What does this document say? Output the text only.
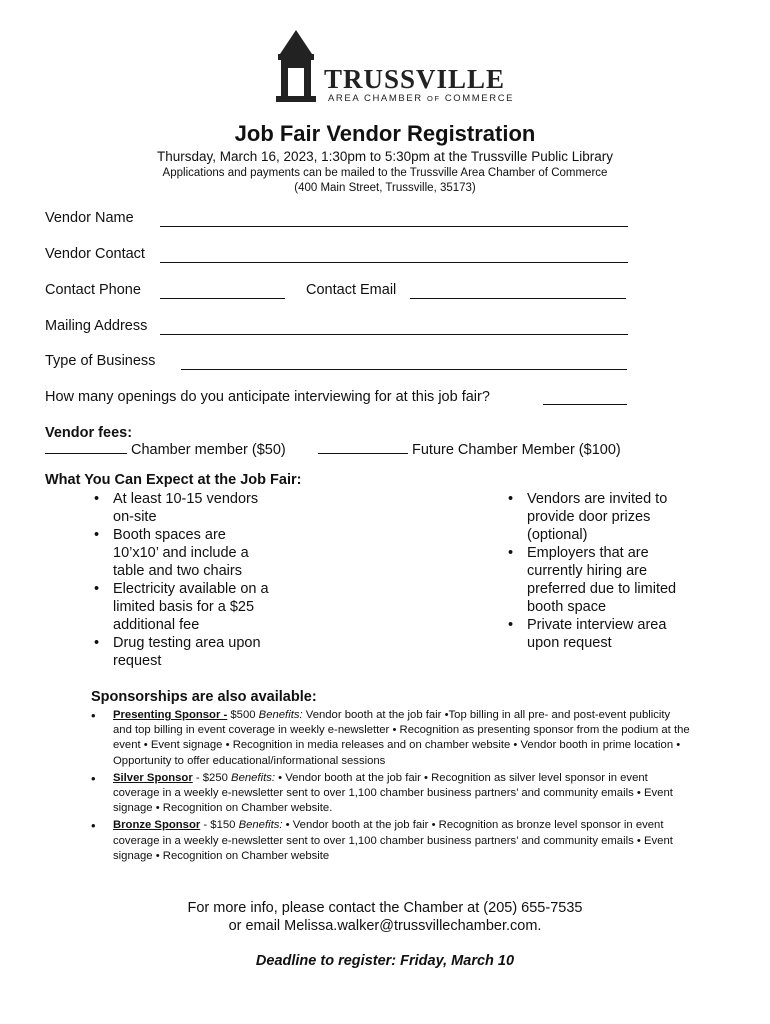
TRUSSVILLE
AREA CHAMBER OF COMMERCE
Job Fair Vendor Registration
Thursday, March 16, 2023, 1:30pm to 5:30pm at the Trussville Public Library
Applications and payments can be mailed to the Trussville Area Chamber of Commerce
(400 Main Street, Trussville, 35173)
Vendor Name
Vendor Contact
Contact Phone	Contact Email
Mailing Address
Type of Business
How many openings do you anticipate interviewing for at this job fair?
Vendor fees:
Chamber member ($50)	Future Chamber Member ($100)
What You Can Expect at the Job Fair:
• At least 10-15 vendors on-site
• Booth spaces are 10’x10’ and include a table and two chairs
• Electricity available on a limited basis for a $25 additional fee
• Drug testing area upon request
• Vendors are invited to provide door prizes (optional)
• Employers that are currently hiring are preferred due to limited booth space
• Private interview area upon request
Sponsorships are also available:
• Presenting Sponsor - $500 Benefits: Vendor booth at the job fair •Top billing in all pre- and post-event publicity and top billing in event coverage in weekly e-newsletter • Recognition as presenting sponsor from the podium at the event • Event signage • Recognition in media releases and on chamber website • Vendor booth in prime location • Opportunity to offer educational/informational sessions
• Silver Sponsor - $250 Benefits: • Vendor booth at the job fair • Recognition as silver level sponsor in event coverage in a weekly e-newsletter sent to over 1,100 chamber business partners’ and community emails • Event signage • Recognition on Chamber website.
• Bronze Sponsor - $150 Benefits: • Vendor booth at the job fair • Recognition as bronze level sponsor in event coverage in a weekly e-newsletter sent to over 1,100 chamber business partners’ and community emails • Event signage • Recognition on Chamber website
For more info, please contact the Chamber at (205) 655-7535
or email Melissa.walker@trussvillechamber.com.
Deadline to register: Friday, March 10
